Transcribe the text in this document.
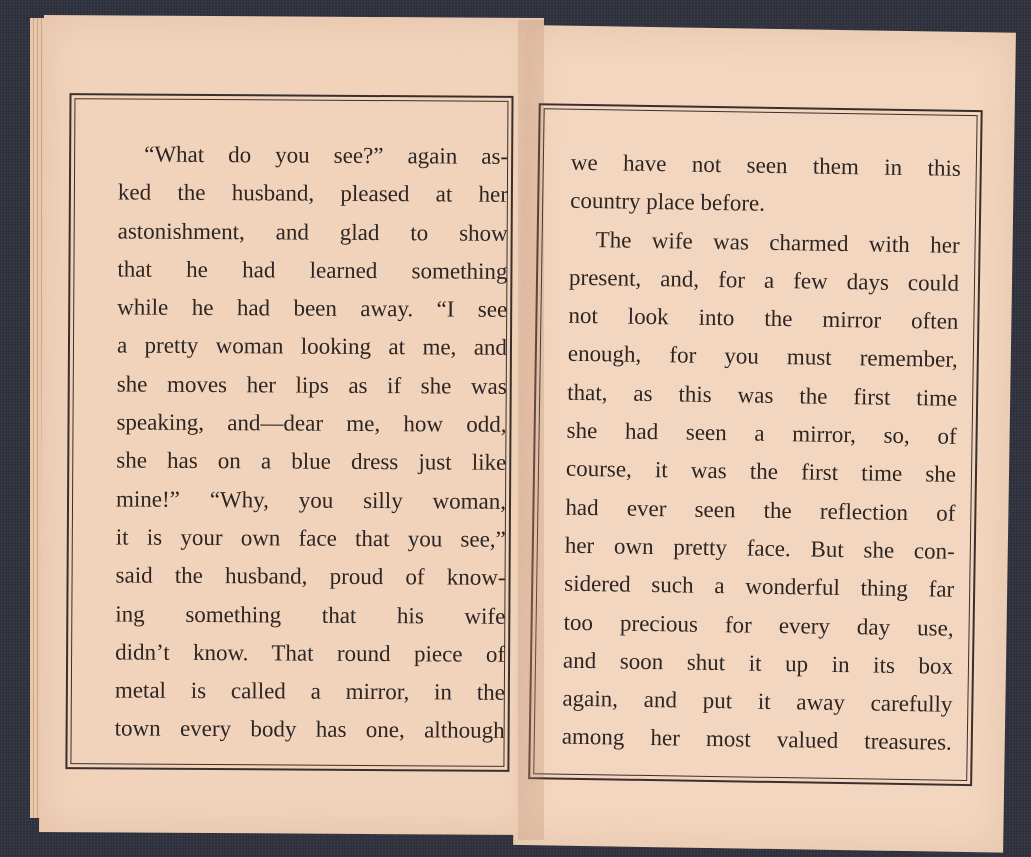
“What do you see?” again as-
ked the husband, pleased at her
astonishment, and glad to show
that he had learned something
while he had been away. “I see
a pretty woman looking at me, and
she moves her lips as if she was
speaking, and—dear me, how odd,
she has on a blue dress just like
mine!” “Why, you silly woman,
it is your own face that you see,”
said the husband, proud of know-
ing something that his wife
didn’t know. That round piece of
metal is called a mirror, in the
town every body has one, although
we have not seen them in this
country place before.
The wife was charmed with her
present, and, for a few days could
not look into the mirror often
enough, for you must remember,
that, as this was the first time
she had seen a mirror, so, of
course, it was the first time she
had ever seen the reflection of
her own pretty face. But she con-
sidered such a wonderful thing far
too precious for every day use,
and soon shut it up in its box
again, and put it away carefully
among her most valued treasures.
